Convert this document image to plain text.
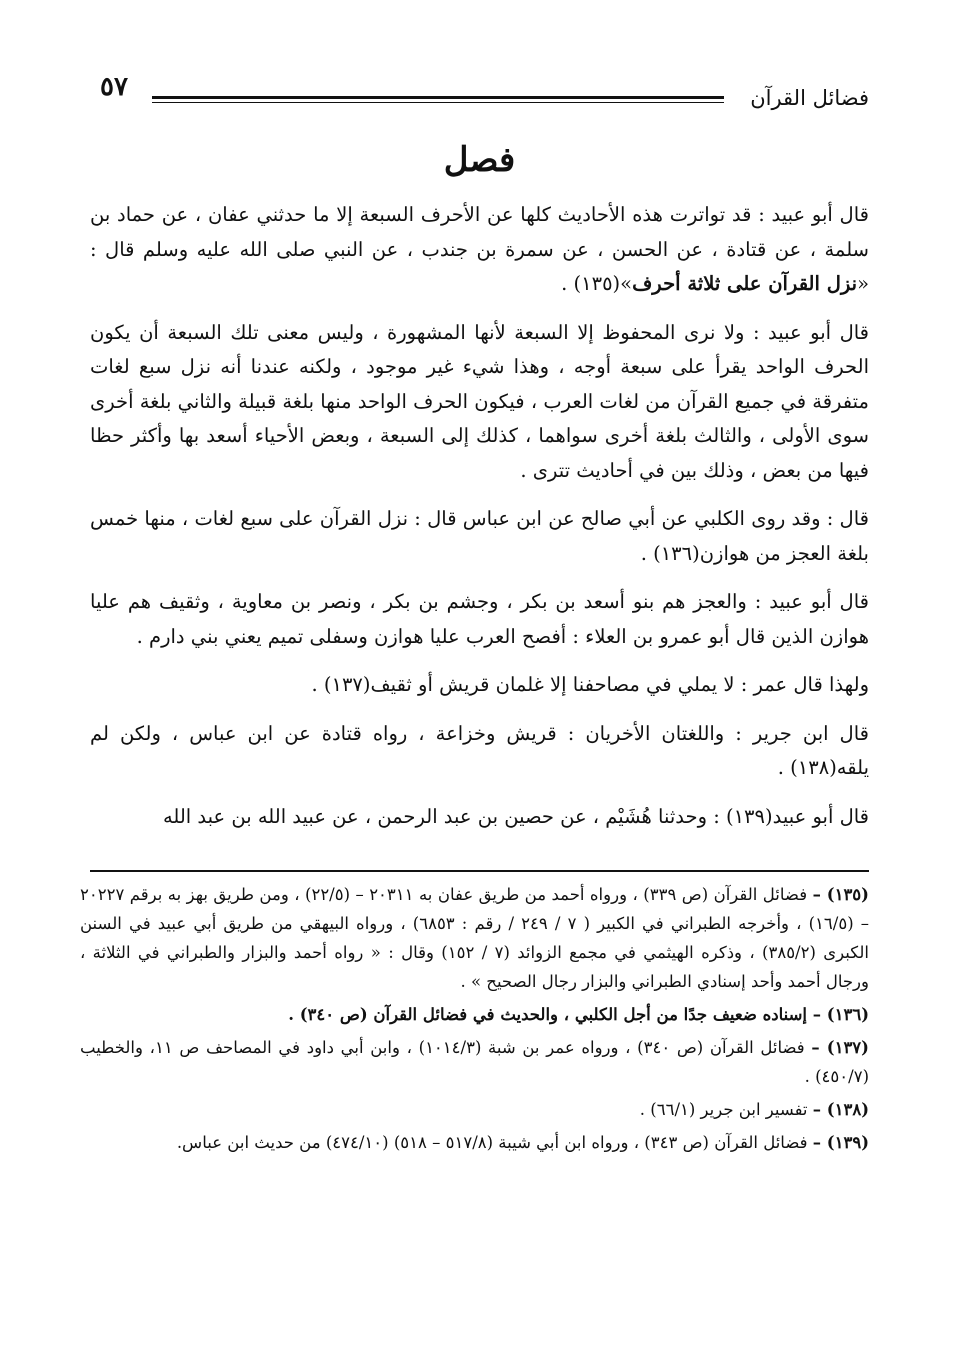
٥٧	فضائل القرآن
فصل

قال أبو عبيد : قد تواترت هذه الأحاديث كلها عن الأحرف السبعة إلا ما حدثني عفان ، عن حماد بن سلمة ، عن قتادة ، عن الحسن ، عن سمرة بن جندب ، عن النبي صلى الله عليه وسلم قال : «نزل القرآن على ثلاثة أحرف»(١٣٥) .

قال أبو عبيد : ولا نرى المحفوظ إلا السبعة لأنها المشهورة ، وليس معنى تلك السبعة أن يكون الحرف الواحد يقرأ على سبعة أوجه ، وهذا شيء غير موجود ، ولكنه عندنا أنه نزل سبع لغات متفرقة في جميع القرآن من لغات العرب ، فيكون الحرف الواحد منها بلغة قبيلة والثاني بلغة أخرى سوى الأولى ، والثالث بلغة أخرى سواهما ، كذلك إلى السبعة ، وبعض الأحياء أسعد بها وأكثر حظا فيها من بعض ، وذلك بين في أحاديث تترى .

قال : وقد روى الكلبي عن أبي صالح عن ابن عباس قال : نزل القرآن على سبع لغات ، منها خمس بلغة العجز من هوازن(١٣٦) .

قال أبو عبيد : والعجز هم بنو أسعد بن بكر ، وجشم بن بكر ، ونصر بن معاوية ، وثقيف هم عليا هوازن الذين قال أبو عمرو بن العلاء : أفصح العرب عليا هوازن وسفلى تميم يعني بني دارم .

ولهذا قال عمر : لا يملي في مصاحفنا إلا غلمان قريش أو ثقيف(١٣٧) .

قال ابن جرير : واللغتان الأخريان : قريش وخزاعة ، رواه قتادة عن ابن عباس ، ولكن لم يلقه(١٣٨) .

قال أبو عبيد(١٣٩) : وحدثنا هُشَيْم ، عن حصين بن عبد الرحمن ، عن عبيد الله بن عبد الله

(١٣٥) – فضائل القرآن (ص ٣٣٩) ، ورواه أحمد من طريق عفان به ٢٠٣١١ – (٢٢/٥) ، ومن طريق بهز به برقم ٢٠٢٢٧ – (١٦/٥) ، وأخرجه الطبراني في الكبير ( ٧ / ٢٤٩ / رقم : ٦٨٥٣) ، ورواه البيهقي من طريق أبي عبيد في السنن الكبرى (٣٨٥/٢) ، وذكره الهيثمي في مجمع الزوائد (٧ / ١٥٢) وقال : « رواه أحمد والبزار والطبراني في الثلاثة ، ورجال أحمد وأحد إسنادي الطبراني والبزار رجال الصحيح » .

(١٣٦) – إسناده ضعيف جدًا من أجل الكلبي ، والحديث في فضائل القرآن (ص ٣٤٠) .

(١٣٧) – فضائل القرآن (ص ٣٤٠) ، ورواه عمر بن شبة (١٠١٤/٣) ، وابن أبي داود في المصاحف ص ١١، والخطيب (٤٥٠/٧) .

(١٣٨) – تفسير ابن جرير (٦٦/١) .

(١٣٩) – فضائل القرآن (ص ٣٤٣) ، ورواه ابن أبي شيبة (٥١٧/٨ – ٥١٨) (٤٧٤/١٠) من حديث ابن عباس.
